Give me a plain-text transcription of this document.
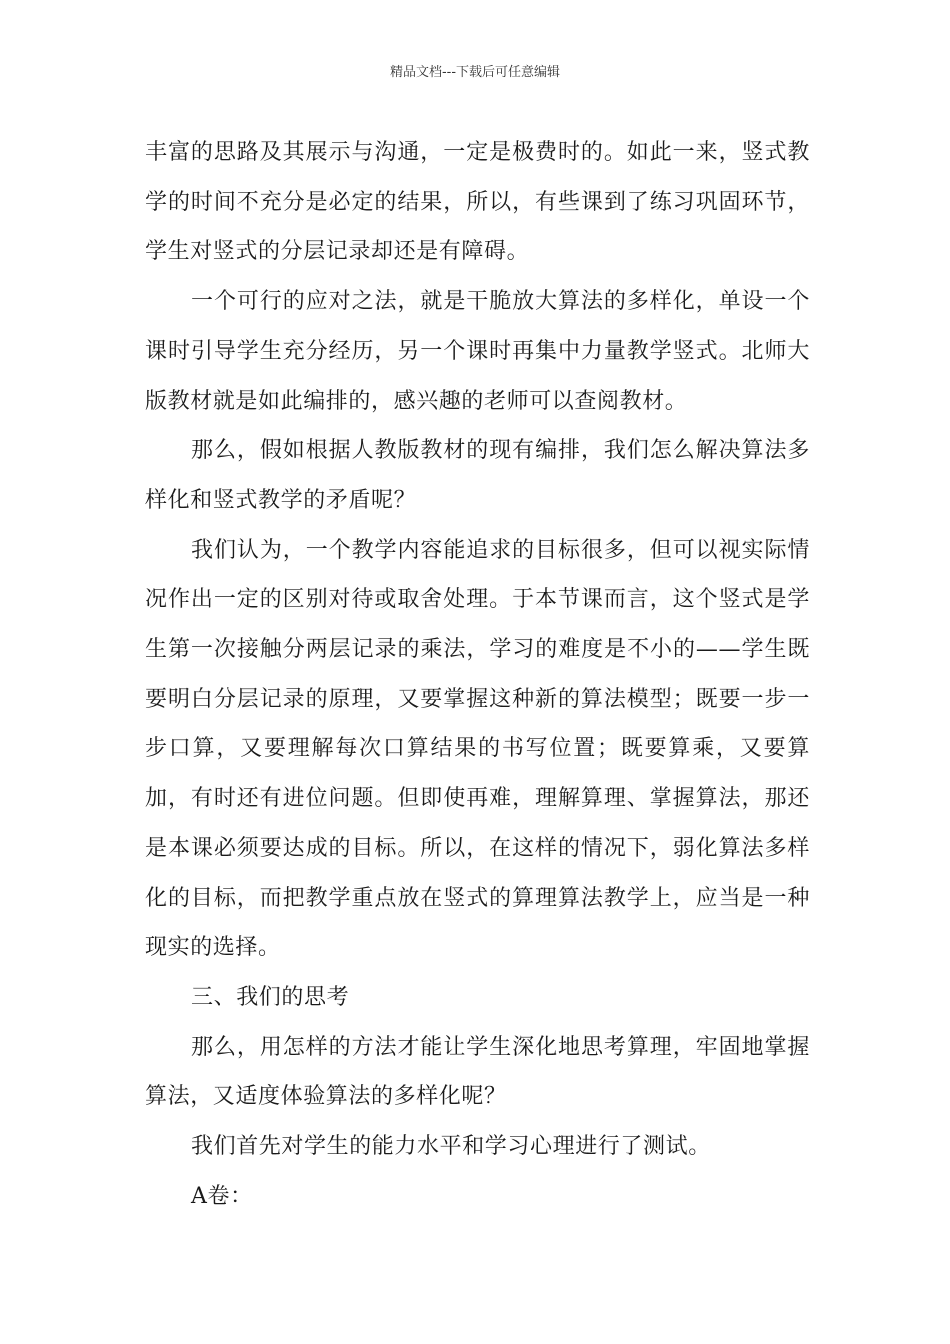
精品文档---下载后可任意编辑

丰富的思路及其展示与沟通，一定是极费时的。如此一来，竖式教学的时间不充分是必定的结果，所以，有些课到了练习巩固环节，学生对竖式的分层记录却还是有障碍。

一个可行的应对之法，就是干脆放大算法的多样化，单设一个课时引导学生充分经历，另一个课时再集中力量教学竖式。北师大版教材就是如此编排的，感兴趣的老师可以查阅教材。

那么，假如根据人教版教材的现有编排，我们怎么解决算法多样化和竖式教学的矛盾呢？

我们认为，一个教学内容能追求的目标很多，但可以视实际情况作出一定的区别对待或取舍处理。于本节课而言，这个竖式是学生第一次接触分两层记录的乘法，学习的难度是不小的——学生既要明白分层记录的原理，又要掌握这种新的算法模型；既要一步一步口算，又要理解每次口算结果的书写位置；既要算乘，又要算加，有时还有进位问题。但即使再难，理解算理、掌握算法，那还是本课必须要达成的目标。所以，在这样的情况下，弱化算法多样化的目标，而把教学重点放在竖式的算理算法教学上，应当是一种现实的选择。

三、我们的思考

那么，用怎样的方法才能让学生深化地思考算理，牢固地掌握算法，又适度体验算法的多样化呢？

我们首先对学生的能力水平和学习心理进行了测试。

A卷：
